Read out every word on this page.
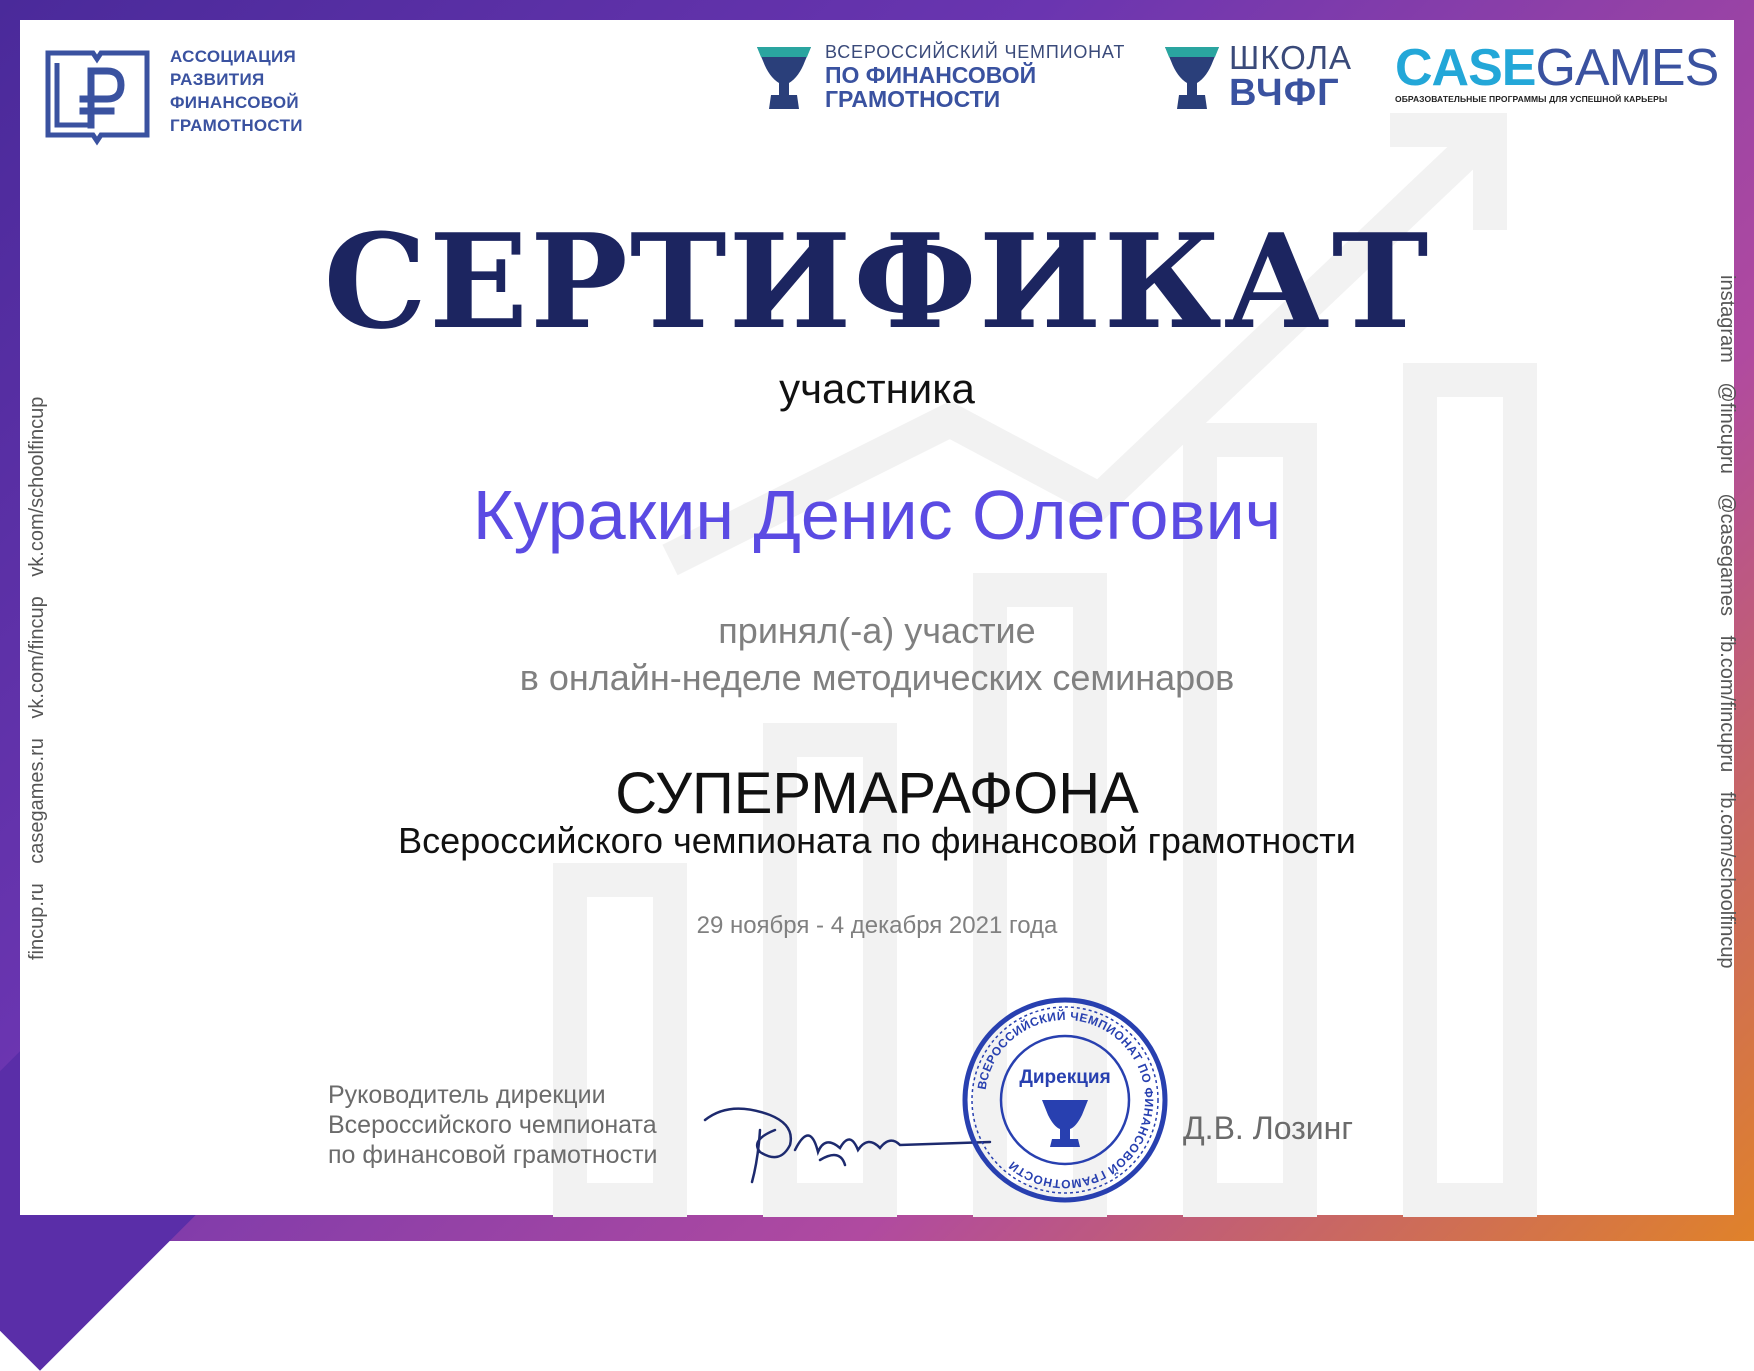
АССОЦИАЦИЯ
РАЗВИТИЯ
ФИНАНСОВОЙ
ГРАМОТНОСТИ
ВСЕРОССИЙСКИЙ ЧЕМПИОНАТ
ПО ФИНАНСОВОЙ
ГРАМОТНОСТИ
ШКОЛА
ВЧФГ CASEGAMES
ОБРАЗОВАТЕЛЬНЫЕ ПРОГРАММЫ ДЛЯ УСПЕШНОЙ КАРЬЕРЫ
СЕРТИФИКАТ
участника
Куракин Денис Олегович
принял(-а) участие
в онлайн-неделе методических семинаров
СУПЕРМАРАФОНА
Всероссийского чемпионата по финансовой грамотности
29 ноября - 4 декабря 2021 года
Руководитель дирекции
Всероссийского чемпионата
по финансовой грамотности
ВСЕРОССИЙСКИЙ ЧЕМПИОНАТ ПО ФИНАНСОВОЙ ГРАМОТНОСТИ
Дирекция
Д.В. Лозинг
fincup.ru casegames.ru vk.com/fincup vk.com/schoolfincup	instagram @fincupru @casegames fb.com/fincupru fb.com/schoolfincup
